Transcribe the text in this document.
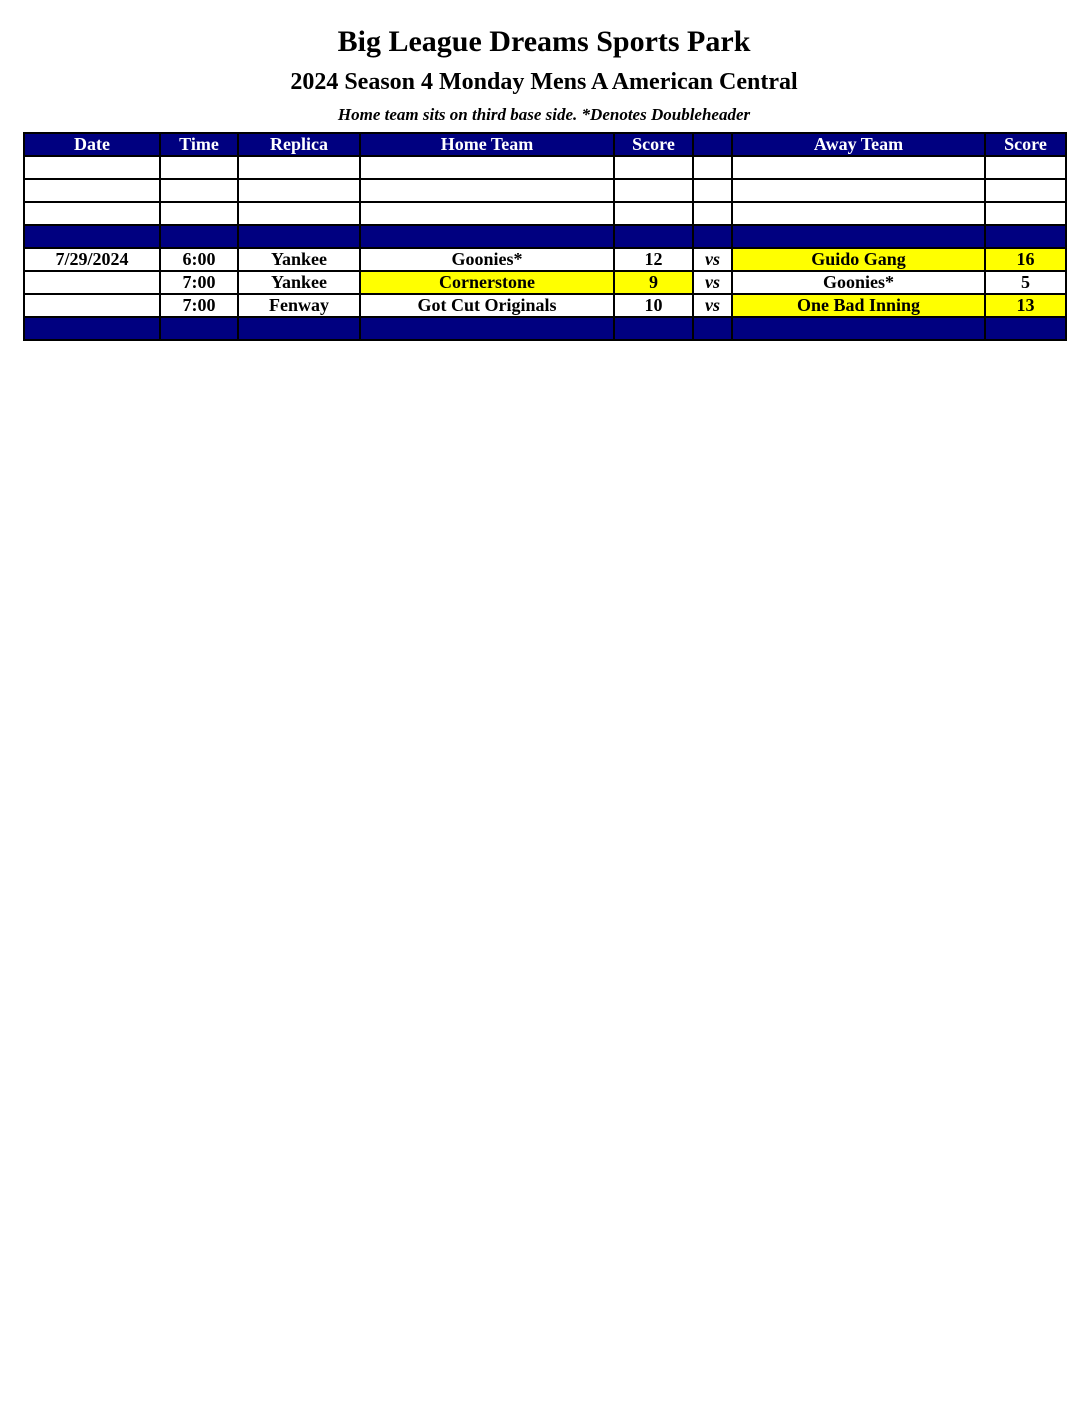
Big League Dreams Sports Park
2024 Season 4 Monday Mens A American Central
Home team sits on third base side. *Denotes Doubleheader
Date	Time	Replica	Home Team	Score		Away Team	Score

7/29/2024	6:00	Yankee	Goonies*	12	vs	Guido Gang	16
	7:00	Yankee	Cornerstone	9	vs	Goonies*	5
	7:00	Fenway	Got Cut Originals	10	vs	One Bad Inning	13
